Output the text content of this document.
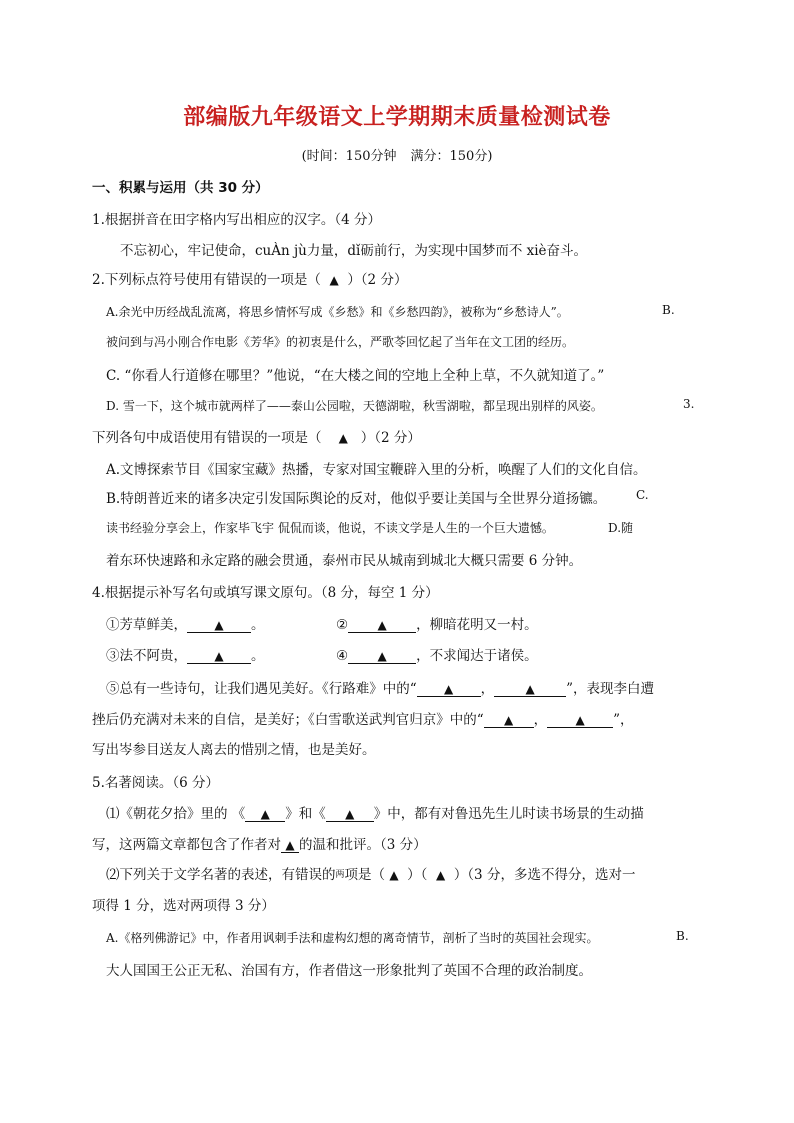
部编版九年级语文上学期期末质量检测试卷
(时间：150分钟 满分：150分)
一、积累与运用（共 30 分）
1.根据拼音在田字格内写出相应的汉字。（4 分）
不忘初心，牢记使命，cuÀn jù力量，dǐ砺前行，为实现中国梦而不 xiè奋斗。
2.下列标点符号使用有错误的一项是（ ▲ ）（2 分）
A.余光中历经战乱流离，将思乡情怀写成《乡愁》和《乡愁四韵》，被称为“乡愁诗人”。	B.
被问到与冯小刚合作电影《芳华》的初衷是什么，严歌苓回忆起了当年在文工团的经历。
C. “你看人行道修在哪里？”他说，“在大楼之间的空地上全种上草，不久就知道了。”
D. 雪一下，这个城市就两样了——泰山公园啦，天德湖啦，秋雪湖啦，都呈现出别样的风姿。	3.
下列各句中成语使用有错误的一项是（ ▲ ）（2 分）
A.文博探索节目《国家宝藏》热播，专家对国宝鞭辟入里的分析，唤醒了人们的文化自信。
B.特朗普近来的诸多决定引发国际舆论的反对，他似乎要让美国与全世界分道扬镳。 C.
读书经验分享会上，作家毕飞宇 侃侃而谈，他说，不读文学是人生的一个巨大遗憾。	D.随
着东环快速路和永定路的融会贯通，泰州市民从城南到城北大概只需要 6 分钟。
4.根据提示补写名句或填写课文原句。（8 分，每空 1 分）
①芳草鲜美， ▲ 。	② ▲ ，柳暗花明又一村。
③法不阿贵， ▲ 。	④ ▲ ，不求闻达于诸侯。
⑤总有一些诗句，让我们遇见美好。《行路难》中的“ ▲ ，	▲ ”，表现李白遭
挫后仍充满对未来的自信，是美好；《白雪歌送武判官归京》中的“ ▲ ， ▲ ”，
写出岑参目送友人离去的惜别之情，也是美好。
5.名著阅读。（6 分）
⑴《朝花夕拾》里的 《 ▲ 》和《 ▲ 》中，都有对鲁迅先生儿时读书场景的生动描
写，这两篇文章都包含了作者对 ▲ 的温和批评。（3 分）
⑵下列关于文学名著的表述，有错误的两项是（ ▲ ）（ ▲ ）（3 分，多选不得分，选对一
项得 1 分，选对两项得 3 分）
A.《格列佛游记》中，作者用讽刺手法和虚构幻想的离奇情节，剖析了当时的英国社会现实。	B.
大人国国王公正无私、治国有方，作者借这一形象批判了英国不合理的政治制度。
